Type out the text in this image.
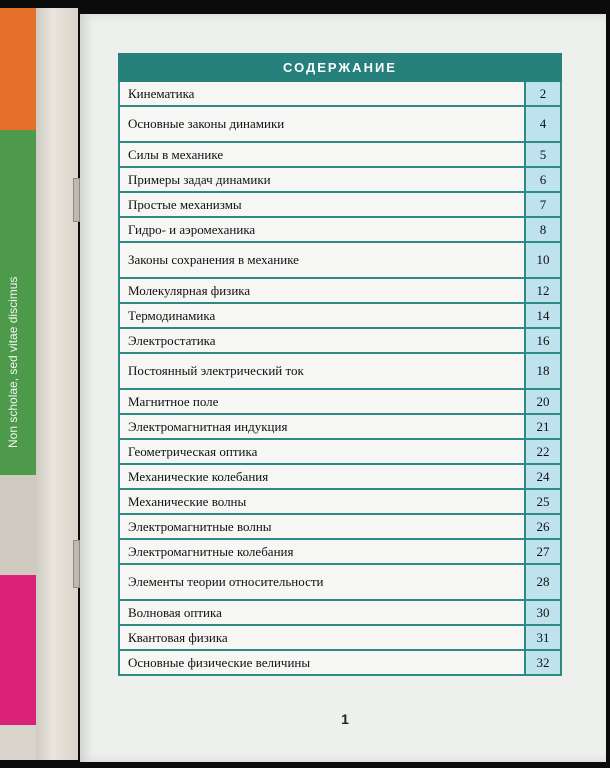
Non scholae, sed vitae discimus
СОДЕРЖАНИЕ
Кинематика	2
Основные законы динамики	4
Силы в механике	5
Примеры задач динамики	6
Простые механизмы	7
Гидро- и аэромеханика	8
Законы сохранения в механике	10
Молекулярная физика	12
Термодинамика	14
Электростатика	16
Постоянный электрический ток	18
Магнитное поле	20
Электромагнитная индукция	21
Геометрическая оптика	22
Механические колебания	24
Механические волны	25
Электромагнитные волны	26
Электромагнитные колебания	27
Элементы теории относительности	28
Волновая оптика	30
Квантовая физика	31
Основные физические величины	32
1
